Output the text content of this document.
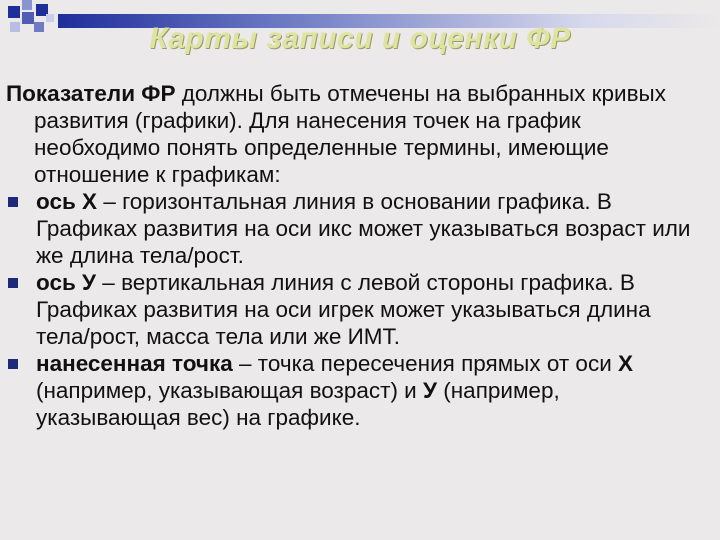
Карты записи и оценки ФР

Показатели ФР должны быть отмечены на выбранных кривых развития (графики). Для нанесения точек на график необходимо понять определенные термины, имеющие отношение к графикам:

ось Х – горизонтальная линия в основании графика. В Графиках развития на оси икс может указываться возраст или же длина тела/рост.
ось У – вертикальная линия с левой стороны графика. В Графиках развития на оси игрек может указываться длина тела/рост, масса тела или же ИМТ.
нанесенная точка – точка пересечения прямых от оси Х (например, указывающая возраст) и У (например, указывающая вес) на графике.
